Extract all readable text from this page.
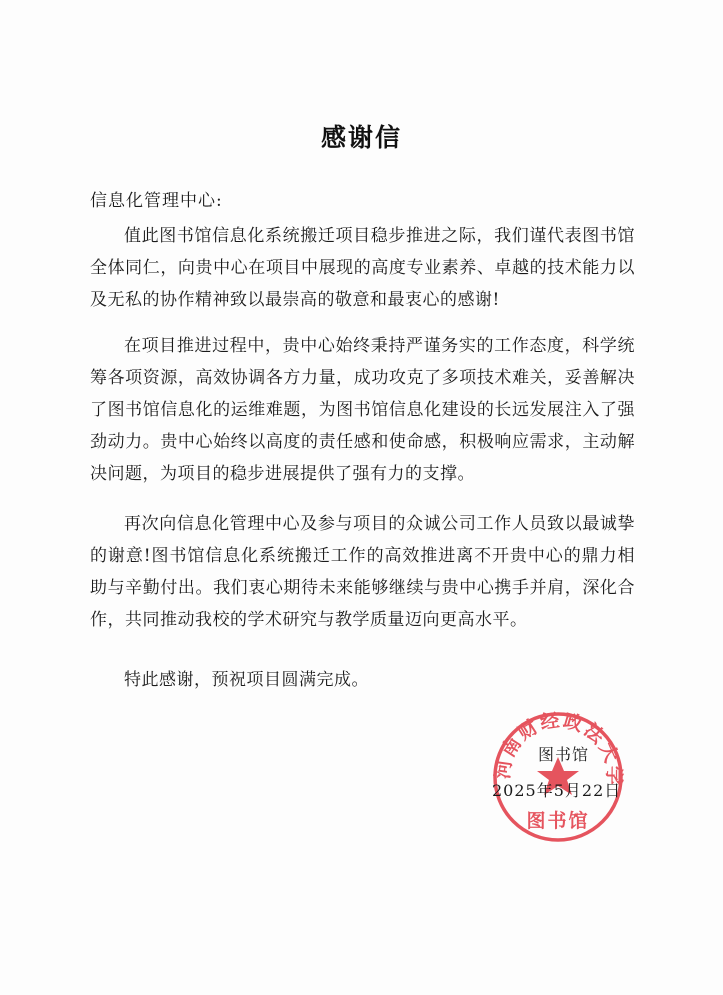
感谢信
信息化管理中心:

值此图书馆信息化系统搬迁项目稳步推进之际，我们谨代表图书馆全体同仁，向贵中心在项目中展现的高度专业素养、卓越的技术能力以及无私的协作精神致以最崇高的敬意和最衷心的感谢!

在项目推进过程中，贵中心始终秉持严谨务实的工作态度，科学统筹各项资源，高效协调各方力量，成功攻克了多项技术难关，妥善解决了图书馆信息化的运维难题，为图书馆信息化建设的长远发展注入了强劲动力。贵中心始终以高度的责任感和使命感，积极响应需求，主动解决问题，为项目的稳步进展提供了强有力的支撑。

再次向信息化管理中心及参与项目的众诚公司工作人员致以最诚挚的谢意!图书馆信息化系统搬迁工作的高效推进离不开贵中心的鼎力相助与辛勤付出。我们衷心期待未来能够继续与贵中心携手并肩，深化合作，共同推动我校的学术研究与教学质量迈向更高水平。

特此感谢，预祝项目圆满完成。

河南财经政法大学
图书馆
图书馆
2025年5月22日
